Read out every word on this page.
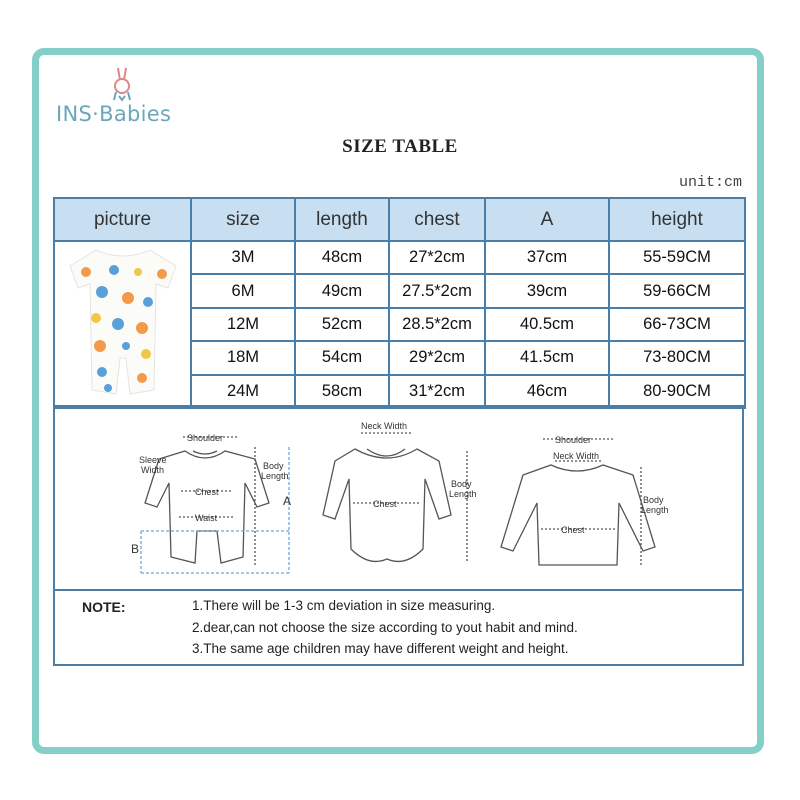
INS·Babies
SIZE TABLE
unit:cm
picture	size	length	chest	A	height
	3M	48cm	27*2cm	37cm	55-59CM
	6M	49cm	27.5*2cm	39cm	59-66CM
	12M	52cm	28.5*2cm	40.5cm	66-73CM
	18M	54cm	29*2cm	41.5cm	73-80CM
	24M	58cm	31*2cm	46cm	80-90CM
Shoulder
Sleeve
Width	Body
Length
Chest
Waist
A
B
Neck Width
Chest
Body
Length
Shoulder
Neck Width
Chest
Body
Length
NOTE:	1.There will be 1-3 cm deviation in size measuring.
2.dear,can not choose the size according to yout habit and mind.
3.The same age children may have different weight and height.
